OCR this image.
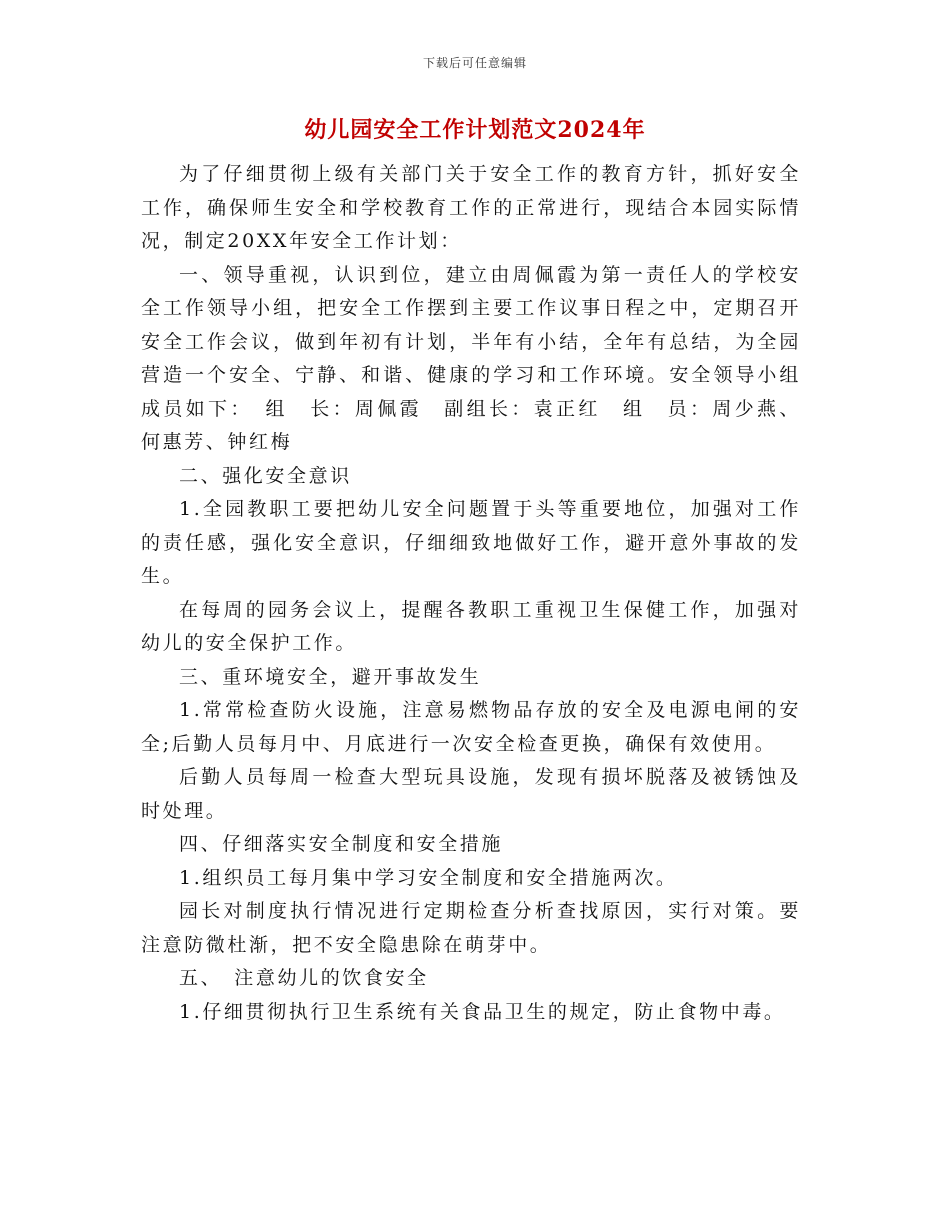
下载后可任意编辑
幼儿园安全工作计划范文2024年

为了仔细贯彻上级有关部门关于安全工作的教育方针，抓好安全工作，确保师生安全和学校教育工作的正常进行，现结合本园实际情况，制定20XX年安全工作计划：

一、领导重视，认识到位，建立由周佩霞为第一责任人的学校安全工作领导小组，把安全工作摆到主要工作议事日程之中，定期召开安全工作会议，做到年初有计划，半年有小结，全年有总结，为全园营造一个安全、宁静、和谐、健康的学习和工作环境。安全领导小组成员如下：　组　长：周佩霞　副组长：袁正红　组　员：周少燕、何惠芳、钟红梅

二、强化安全意识

1.全园教职工要把幼儿安全问题置于头等重要地位，加强对工作的责任感，强化安全意识，仔细细致地做好工作，避开意外事故的发生。

在每周的园务会议上，提醒各教职工重视卫生保健工作，加强对幼儿的安全保护工作。

三、重环境安全，避开事故发生

1.常常检查防火设施，注意易燃物品存放的安全及电源电闸的安全;后勤人员每月中、月底进行一次安全检查更换，确保有效使用。

后勤人员每周一检查大型玩具设施，发现有损坏脱落及被锈蚀及时处理。

四、仔细落实安全制度和安全措施

1.组织员工每月集中学习安全制度和安全措施两次。

园长对制度执行情况进行定期检查分析查找原因，实行对策。要注意防微杜渐，把不安全隐患除在萌芽中。

五、　注意幼儿的饮食安全

1.仔细贯彻执行卫生系统有关食品卫生的规定，防止食物中毒。
